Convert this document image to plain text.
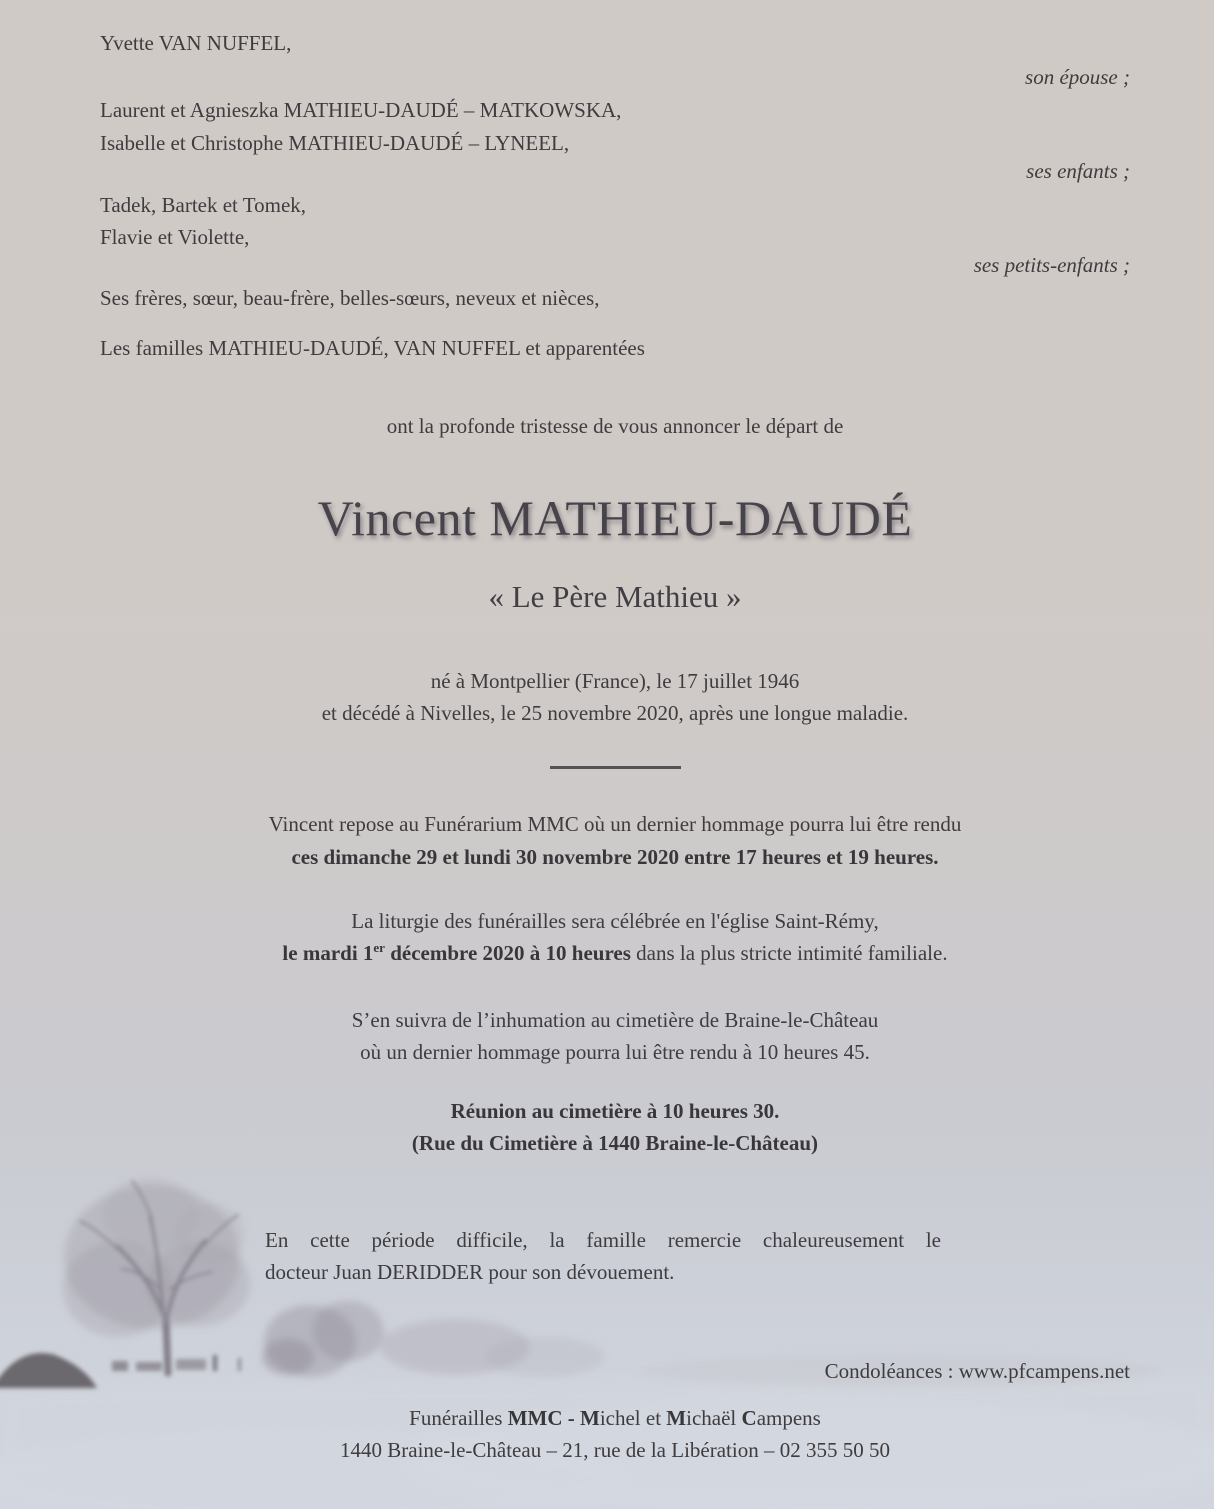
Yvette VAN NUFFEL,
son épouse ;
Laurent et Agnieszka MATHIEU-DAUDÉ – MATKOWSKA,
Isabelle et Christophe MATHIEU-DAUDÉ – LYNEEL,
ses enfants ;
Tadek, Bartek et Tomek,
Flavie et Violette,
ses petits-enfants ;
Ses frères, sœur, beau-frère, belles-sœurs, neveux et nièces,
Les familles MATHIEU-DAUDÉ, VAN NUFFEL et apparentées
ont la profonde tristesse de vous annoncer le départ de
Vincent MATHIEU-DAUDÉ
« Le Père Mathieu »
né à Montpellier (France), le 17 juillet 1946
et décédé à Nivelles, le 25 novembre 2020, après une longue maladie.
Vincent repose au Funérarium MMC où un dernier hommage pourra lui être rendu
ces dimanche 29 et lundi 30 novembre 2020 entre 17 heures et 19 heures.
La liturgie des funérailles sera célébrée en l'église Saint-Rémy,
le mardi 1er décembre 2020 à 10 heures dans la plus stricte intimité familiale.
S’en suivra de l’inhumation au cimetière de Braine-le-Château
où un dernier hommage pourra lui être rendu à 10 heures 45.
Réunion au cimetière à 10 heures 30.
(Rue du Cimetière à 1440 Braine-le-Château)
En cette période difficile, la famille remercie chaleureusement le
docteur Juan DERIDDER pour son dévouement.
Condoléances : www.pfcampens.net
Funérailles MMC - Michel et Michaël Campens
1440 Braine-le-Château – 21, rue de la Libération – 02 355 50 50
